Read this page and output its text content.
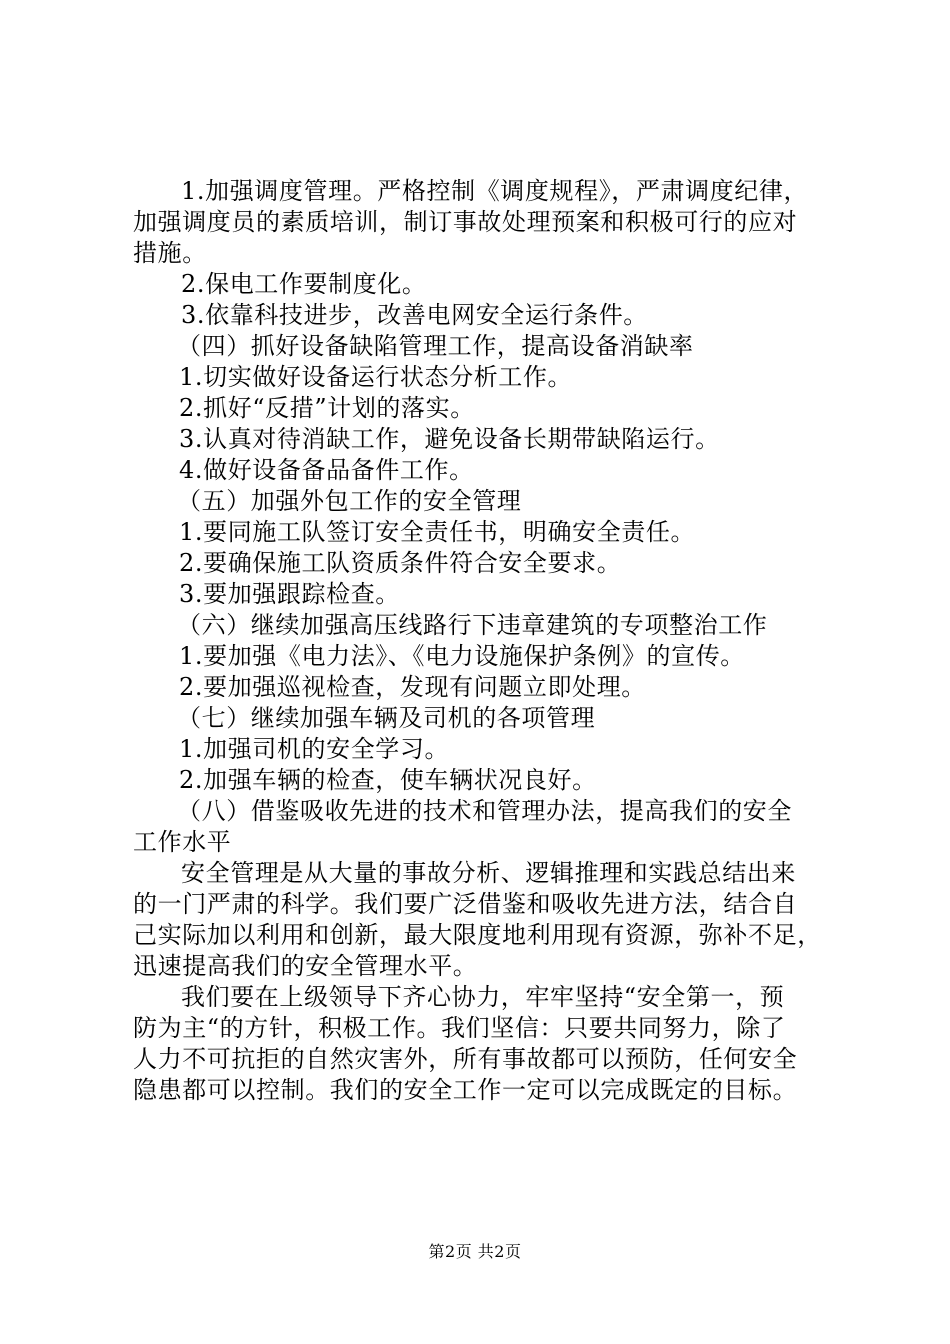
1.加强调度管理。严格控制《调度规程》，严肃调度纪律，
加强调度员的素质培训，制订事故处理预案和积极可行的应对
措施。
2.保电工作要制度化。
3.依靠科技进步，改善电网安全运行条件。
（四）抓好设备缺陷管理工作，提高设备消缺率
1.切实做好设备运行状态分析工作。
2.抓好“反措”计划的落实。
3.认真对待消缺工作，避免设备长期带缺陷运行。
4.做好设备备品备件工作。
（五）加强外包工作的安全管理
1.要同施工队签订安全责任书，明确安全责任。
2.要确保施工队资质条件符合安全要求。
3.要加强跟踪检查。
（六）继续加强高压线路行下违章建筑的专项整治工作
1.要加强《电力法》、《电力设施保护条例》的宣传。
2.要加强巡视检查，发现有问题立即处理。
（七）继续加强车辆及司机的各项管理
1.加强司机的安全学习。
2.加强车辆的检查，使车辆状况良好。
（八）借鉴吸收先进的技术和管理办法，提高我们的安全
工作水平
安全管理是从大量的事故分析、逻辑推理和实践总结出来
的一门严肃的科学。我们要广泛借鉴和吸收先进方法，结合自
己实际加以利用和创新，最大限度地利用现有资源，弥补不足，
迅速提高我们的安全管理水平。
我们要在上级领导下齐心协力，牢牢坚持“安全第一，预
防为主“的方针，积极工作。我们坚信：只要共同努力，除了
人力不可抗拒的自然灾害外，所有事故都可以预防，任何安全
隐患都可以控制。我们的安全工作一定可以完成既定的目标。
第2页 共2页
